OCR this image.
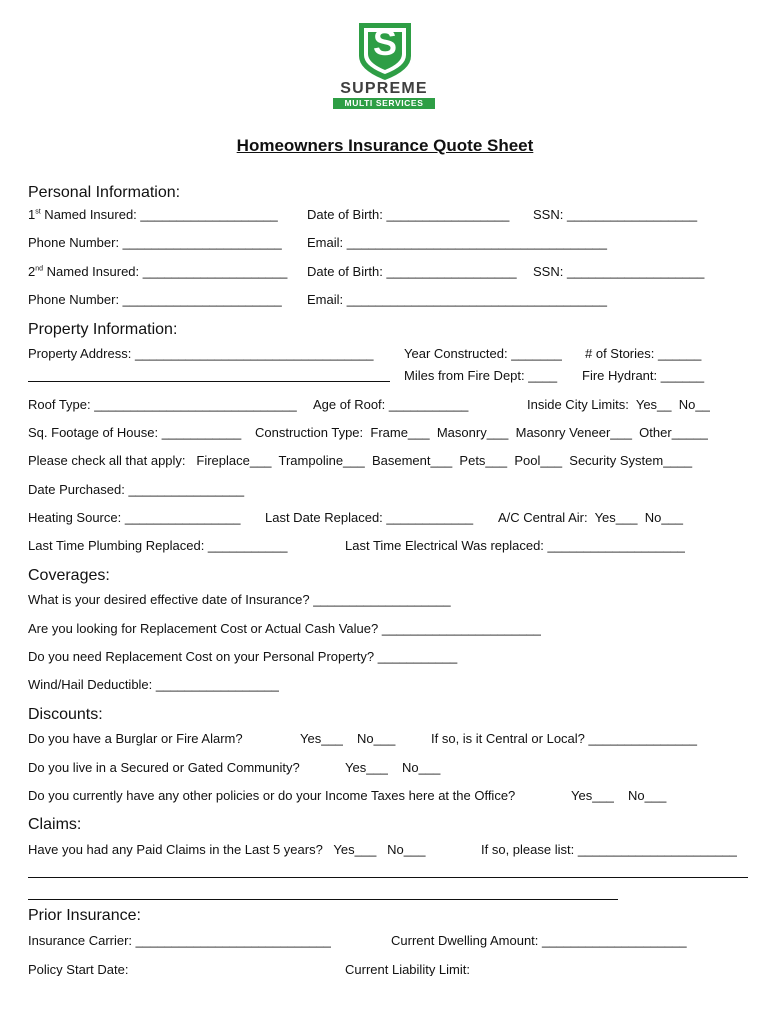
S
SUPREME
MULTI SERVICES
Homeowners Insurance Quote Sheet
Personal Information:
1st Named Insured: ___________________ Date of Birth: _________________ SSN: __________________
Phone Number: ______________________ Email: ____________________________________
2nd Named Insured: ____________________ Date of Birth: __________________ SSN: ___________________
Phone Number: ______________________ Email: ____________________________________
Property Information:
Property Address: _________________________________ Year Constructed: _______ # of Stories: ______
Miles from Fire Dept: ____ Fire Hydrant: ______
Roof Type: ____________________________ Age of Roof: ___________	Inside City Limits:  Yes__  No__
Sq. Footage of House: ___________ Construction Type:  Frame___  Masonry___  Masonry Veneer___  Other_____
Please check all that apply:   Fireplace___  Trampoline___  Basement___  Pets___  Pool___  Security System____
Date Purchased: ________________
Heating Source: ________________ Last Date Replaced: ____________ A/C Central Air:  Yes___  No___
Last Time Plumbing Replaced: ___________	Last Time Electrical Was replaced: ___________________
Coverages:
What is your desired effective date of Insurance? ___________________
Are you looking for Replacement Cost or Actual Cash Value? ______________________
Do you need Replacement Cost on your Personal Property? ___________
Wind/Hail Deductible: _________________
Discounts:
Do you have a Burglar or Fire Alarm?	Yes___ No___	If so, is it Central or Local? _______________
Do you live in a Secured or Gated Community?	Yes___ No___
Do you currently have any other policies or do your Income Taxes here at the Office?	Yes___ No___
Claims:
Have you had any Paid Claims in the Last 5 years?   Yes___   No___	If so, please list: ______________________
Prior Insurance:
Insurance Carrier: ___________________________	Current Dwelling Amount: ____________________
Policy Start Date:	Current Liability Limit:
